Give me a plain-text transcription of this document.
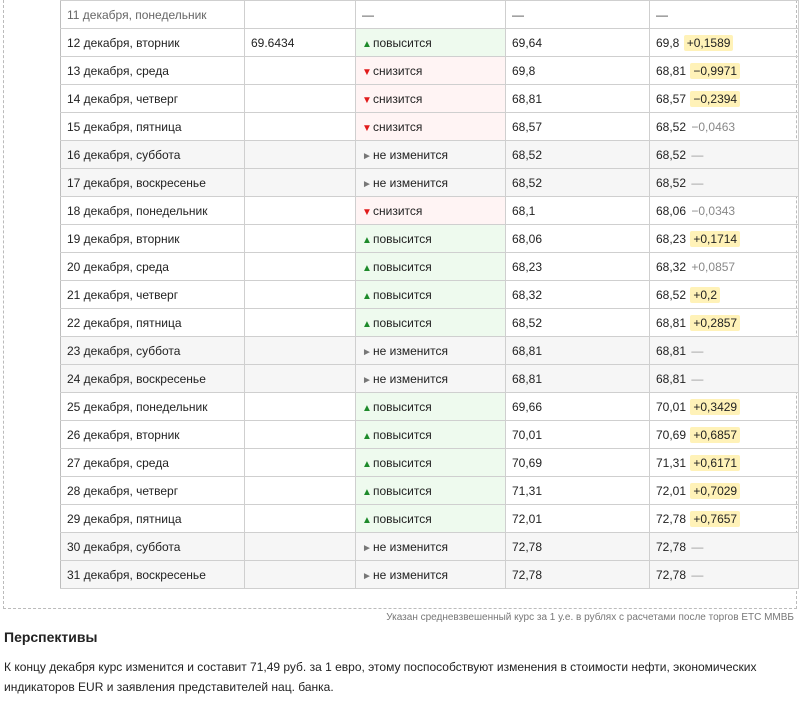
11 декабря, понедельник		—	—	—
12 декабря, вторник	69.6434	▲повысится	69,64	69,8 +0,1589
13 декабря, среда		▼снизится	69,8	68,81 −0,9971
14 декабря, четверг		▼снизится	68,81	68,57 −0,2394
15 декабря, пятница		▼снизится	68,57	68,52 −0,0463
16 декабря, суббота		►не изменится	68,52	68,52 —
17 декабря, воскресенье		►не изменится	68,52	68,52 —
18 декабря, понедельник		▼снизится	68,1	68,06 −0,0343
19 декабря, вторник		▲повысится	68,06	68,23 +0,1714
20 декабря, среда		▲повысится	68,23	68,32 +0,0857
21 декабря, четверг		▲повысится	68,32	68,52 +0,2
22 декабря, пятница		▲повысится	68,52	68,81 +0,2857
23 декабря, суббота		►не изменится	68,81	68,81 —
24 декабря, воскресенье		►не изменится	68,81	68,81 —
25 декабря, понедельник		▲повысится	69,66	70,01 +0,3429
26 декабря, вторник		▲повысится	70,01	70,69 +0,6857
27 декабря, среда		▲повысится	70,69	71,31 +0,6171
28 декабря, четверг		▲повысится	71,31	72,01 +0,7029
29 декабря, пятница		▲повысится	72,01	72,78 +0,7657
30 декабря, суббота		►не изменится	72,78	72,78 —
31 декабря, воскресенье		►не изменится	72,78	72,78 —
Указан средневзвешенный курс за 1 у.е. в рублях с расчетами после торгов ЕТС ММВБ
Перспективы

К концу декабря курс изменится и составит 71,49 руб. за 1 евро, этому поспособствуют изменения в стоимости нефти, экономических индикаторов EUR и заявления представителей нац. банка.
